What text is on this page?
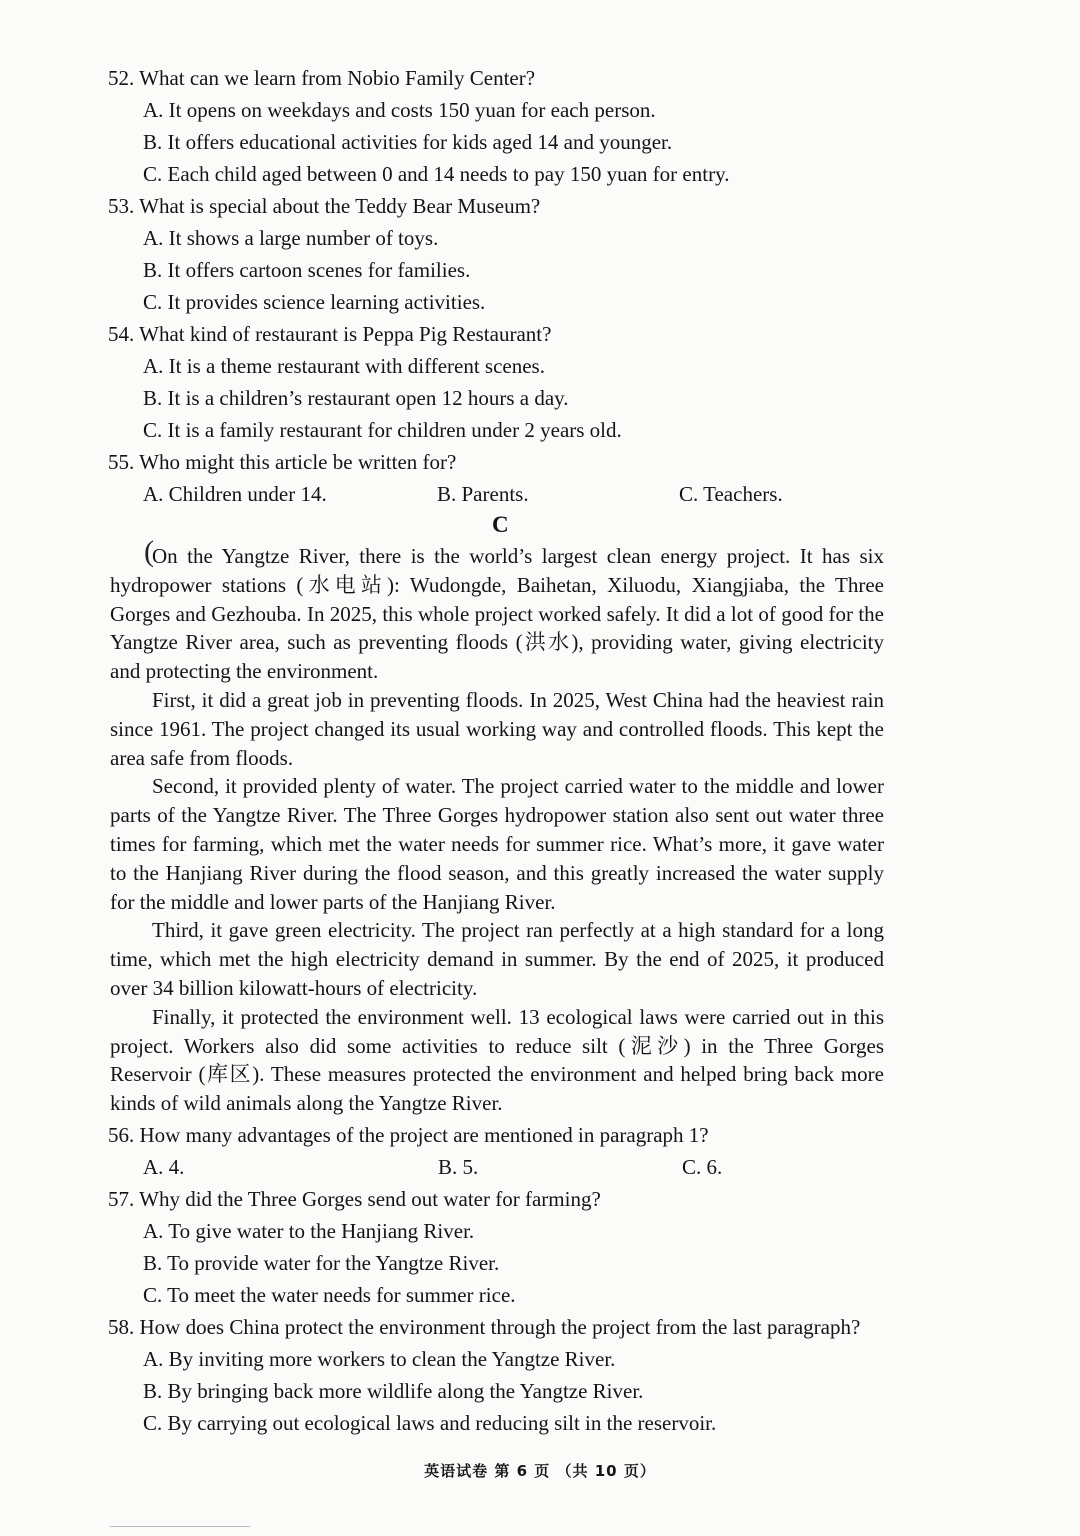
52. What can we learn from Nobio Family Center?
A. It opens on weekdays and costs 150 yuan for each person.
B. It offers educational activities for kids aged 14 and younger.
C. Each child aged between 0 and 14 needs to pay 150 yuan for entry.
53. What is special about the Teddy Bear Museum?
A. It shows a large number of toys.
B. It offers cartoon scenes for families.
C. It provides science learning activities.
54. What kind of restaurant is Peppa Pig Restaurant?
A. It is a theme restaurant with different scenes.
B. It is a children’s restaurant open 12 hours a day.
C. It is a family restaurant for children under 2 years old.
55. Who might this article be written for?
A. Children under 14.	B. Parents.	C. Teachers.
C
(

On the Yangtze River, there is the world’s largest clean energy project. It has six hydropower stations (水电站): Wudongde, Baihetan, Xiluodu, Xiangjiaba, the Three Gorges and Gezhouba. In 2025, this whole project worked safely. It did a lot of good for the Yangtze River area, such as preventing floods (洪水), providing water, giving electricity and protecting the environment.

First, it did a great job in preventing floods. In 2025, West China had the heaviest rain since 1961. The project changed its usual working way and controlled floods. This kept the area safe from floods.

Second, it provided plenty of water. The project carried water to the middle and lower parts of the Yangtze River. The Three Gorges hydropower station also sent out water three times for farming, which met the water needs for summer rice. What’s more, it gave water to the Hanjiang River during the flood season, and this greatly increased the water supply for the middle and lower parts of the Hanjiang River.

Third, it gave green electricity. The project ran perfectly at a high standard for a long time, which met the high electricity demand in summer. By the end of 2025, it produced over 34 billion kilowatt-hours of electricity.

Finally, it protected the environment well. 13 ecological laws were carried out in this project. Workers also did some activities to reduce silt (泥沙) in the Three Gorges Reservoir (库区). These measures protected the environment and helped bring back more kinds of wild animals along the Yangtze River.

56. How many advantages of the project are mentioned in paragraph 1?
A. 4.	B. 5.	C. 6.
57. Why did the Three Gorges send out water for farming?
A. To give water to the Hanjiang River.
B. To provide water for the Yangtze River.
C. To meet the water needs for summer rice.
58. How does China protect the environment through the project from the last paragraph?
A. By inviting more workers to clean the Yangtze River.
B. By bringing back more wildlife along the Yangtze River.
C. By carrying out ecological laws and reducing silt in the reservoir.
英语试卷 第 6 页 （共 10 页）
